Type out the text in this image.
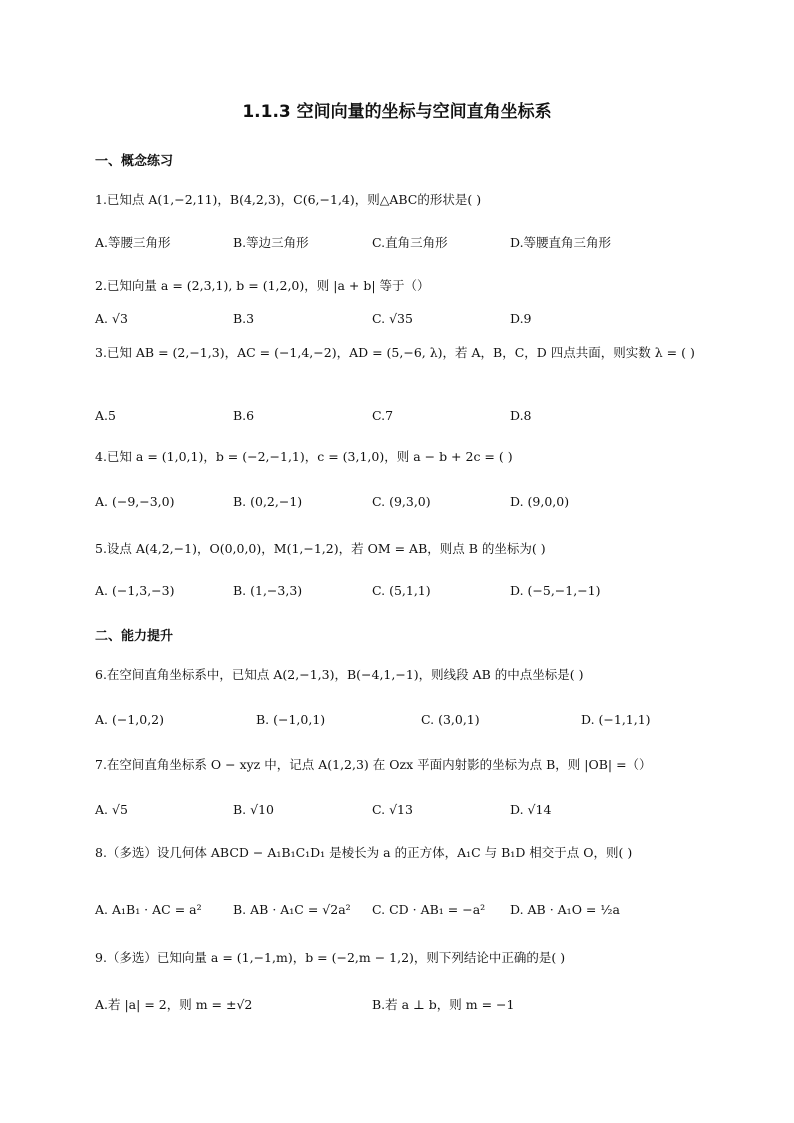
1.1.3 空间向量的坐标与空间直角坐标系
一、概念练习
1.已知点 A(1,−2,11)，B(4,2,3)，C(6,−1,4)，则△ABC的形状是( )
A.等腰三角形	B.等边三角形	C.直角三角形	D.等腰直角三角形
2.已知向量 a = (2,3,1), b = (1,2,0)，则 |a + b| 等于（）
A. √3	B.3	C. √35	D.9
3.已知 AB = (2,−1,3)，AC = (−1,4,−2)，AD = (5,−6, λ)，若 A，B，C，D 四点共面，则实数 λ = ( )
A.5	B.6	C.7	D.8
4.已知 a = (1,0,1)，b = (−2,−1,1)，c = (3,1,0)，则 a − b + 2c = ( )
A. (−9,−3,0)	B. (0,2,−1)	C. (9,3,0)	D. (9,0,0)
5.设点 A(4,2,−1)，O(0,0,0)，M(1,−1,2)，若 OM = AB，则点 B 的坐标为( )
A. (−1,3,−3)	B. (1,−3,3)	C. (5,1,1)	D. (−5,−1,−1)
二、能力提升
6.在空间直角坐标系中，已知点 A(2,−1,3)，B(−4,1,−1)，则线段 AB 的中点坐标是( )
A. (−1,0,2)	B. (−1,0,1)	C. (3,0,1)	D. (−1,1,1)
7.在空间直角坐标系 O − xyz 中，记点 A(1,2,3) 在 Ozx 平面内射影的坐标为点 B，则 |OB| =（）
A. √5	B. √10	C. √13	D. √14
8.（多选）设几何体 ABCD − A₁B₁C₁D₁ 是棱长为 a 的正方体，A₁C 与 B₁D 相交于点 O，则( )
A. A₁B₁ · AC = a²	B. AB · A₁C = √2a² C. CD · AB₁ = −a² D. AB · A₁O = ½a
9.（多选）已知向量 a = (1,−1,m)，b = (−2,m − 1,2)，则下列结论中正确的是( )
A.若 |a| = 2，则 m = ±√2	B.若 a ⊥ b，则 m = −1
